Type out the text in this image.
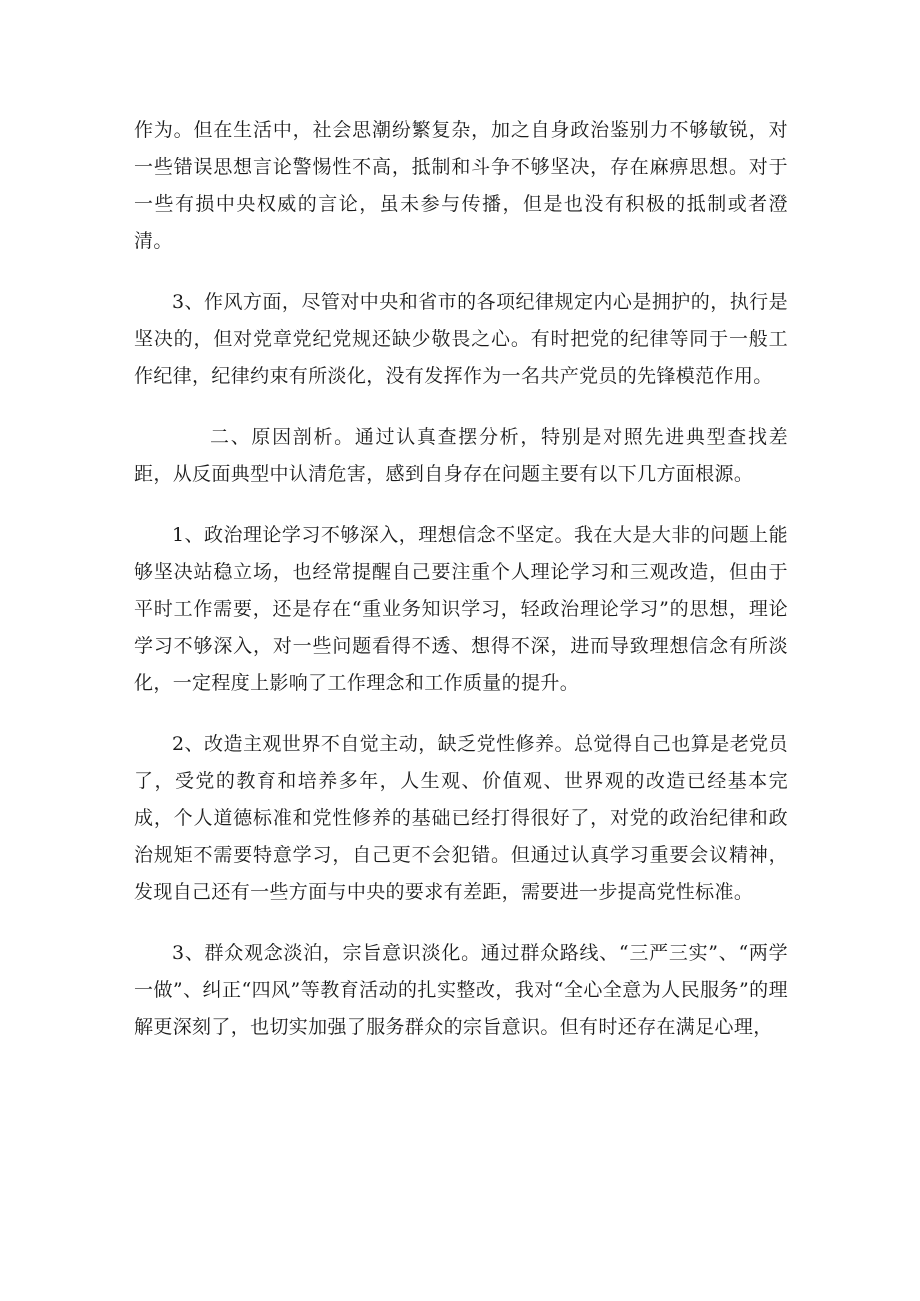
作为。但在生活中，社会思潮纷繁复杂，加之自身政治鉴别力不够敏锐，对一些错误思想言论警惕性不高，抵制和斗争不够坚决，存在麻痹思想。对于一些有损中央权威的言论，虽未参与传播，但是也没有积极的抵制或者澄清。

3、作风方面，尽管对中央和省市的各项纪律规定内心是拥护的，执行是坚决的，但对党章党纪党规还缺少敬畏之心。有时把党的纪律等同于一般工作纪律，纪律约束有所淡化，没有发挥作为一名共产党员的先锋模范作用。

二、原因剖析。通过认真查摆分析，特别是对照先进典型查找差距，从反面典型中认清危害，感到自身存在问题主要有以下几方面根源。

1、政治理论学习不够深入，理想信念不坚定。我在大是大非的问题上能够坚决站稳立场，也经常提醒自己要注重个人理论学习和三观改造，但由于平时工作需要，还是存在“重业务知识学习，轻政治理论学习”的思想，理论学习不够深入，对一些问题看得不透、想得不深，进而导致理想信念有所淡化，一定程度上影响了工作理念和工作质量的提升。

2、改造主观世界不自觉主动，缺乏党性修养。总觉得自己也算是老党员了，受党的教育和培养多年，人生观、价值观、世界观的改造已经基本完成，个人道德标准和党性修养的基础已经打得很好了，对党的政治纪律和政治规矩不需要特意学习，自己更不会犯错。但通过认真学习重要会议精神，发现自己还有一些方面与中央的要求有差距，需要进一步提高党性标准。

3、群众观念淡泊，宗旨意识淡化。通过群众路线、“三严三实”、“两学一做”、纠正“四风”等教育活动的扎实整改，我对“全心全意为人民服务”的理解更深刻了，也切实加强了服务群众的宗旨意识。但有时还存在满足心理，
